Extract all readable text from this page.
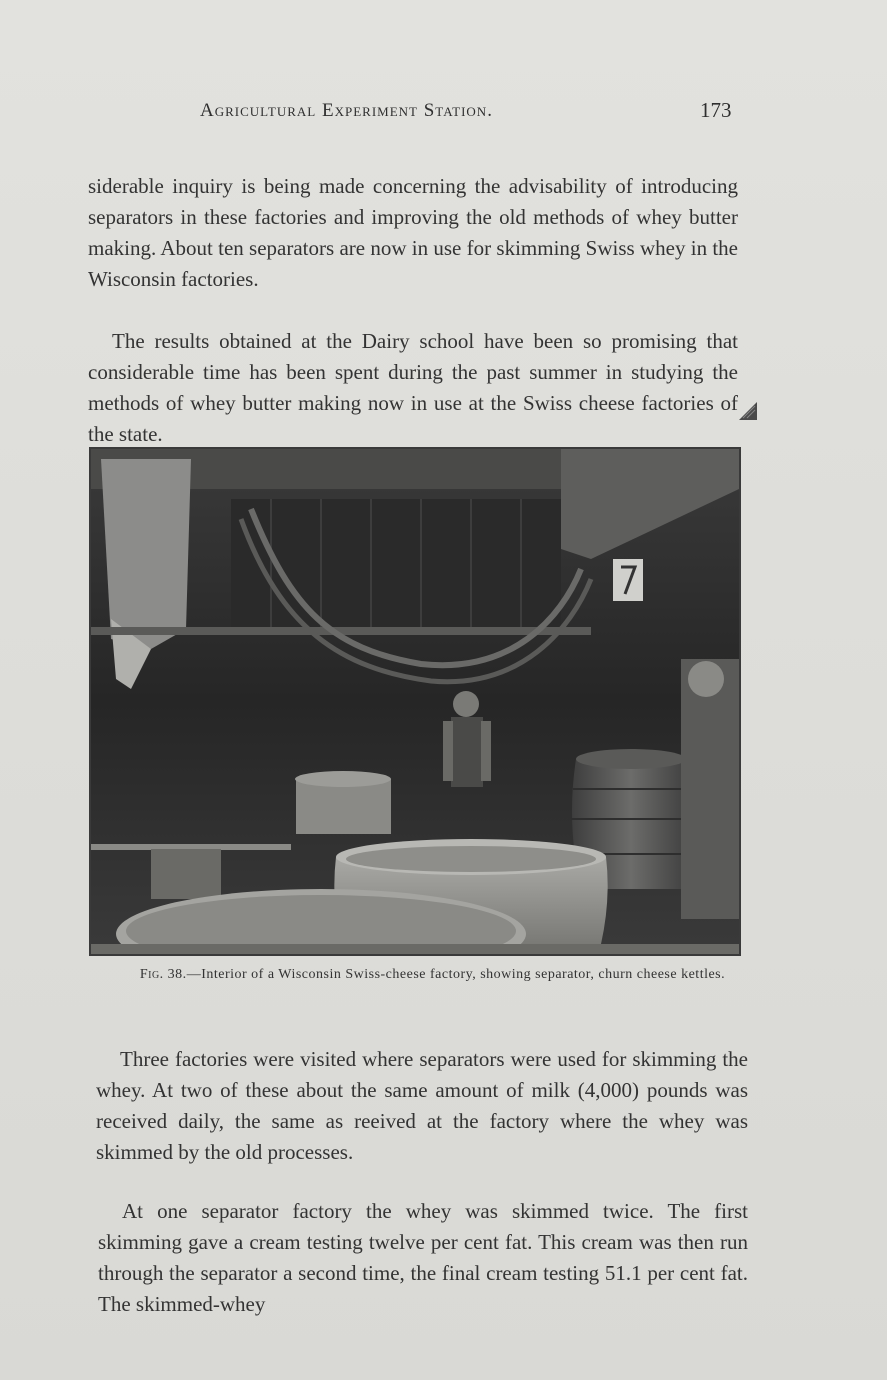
Agricultural Experiment Station.	173

siderable inquiry is being made concerning the advisability of introducing separators in these factories and improving the old methods of whey butter making. About ten separators are now in use for skimming Swiss whey in the Wisconsin factories.

The results obtained at the Dairy school have been so promising that considerable time has been spent during the past summer in studying the methods of whey butter making now in use at the Swiss cheese factories of the state.

Fig. 38.—Interior of a Wisconsin Swiss-cheese factory, showing separator, churn cheese kettles.

Three factories were visited where separators were used for skimming the whey. At two of these about the same amount of milk (4,000) pounds was received daily, the same as reeived at the factory where the whey was skimmed by the old processes.

At one separator factory the whey was skimmed twice. The first skimming gave a cream testing twelve per cent fat. This cream was then run through the separator a second time, the final cream testing 51.1 per cent fat. The skimmed-whey
